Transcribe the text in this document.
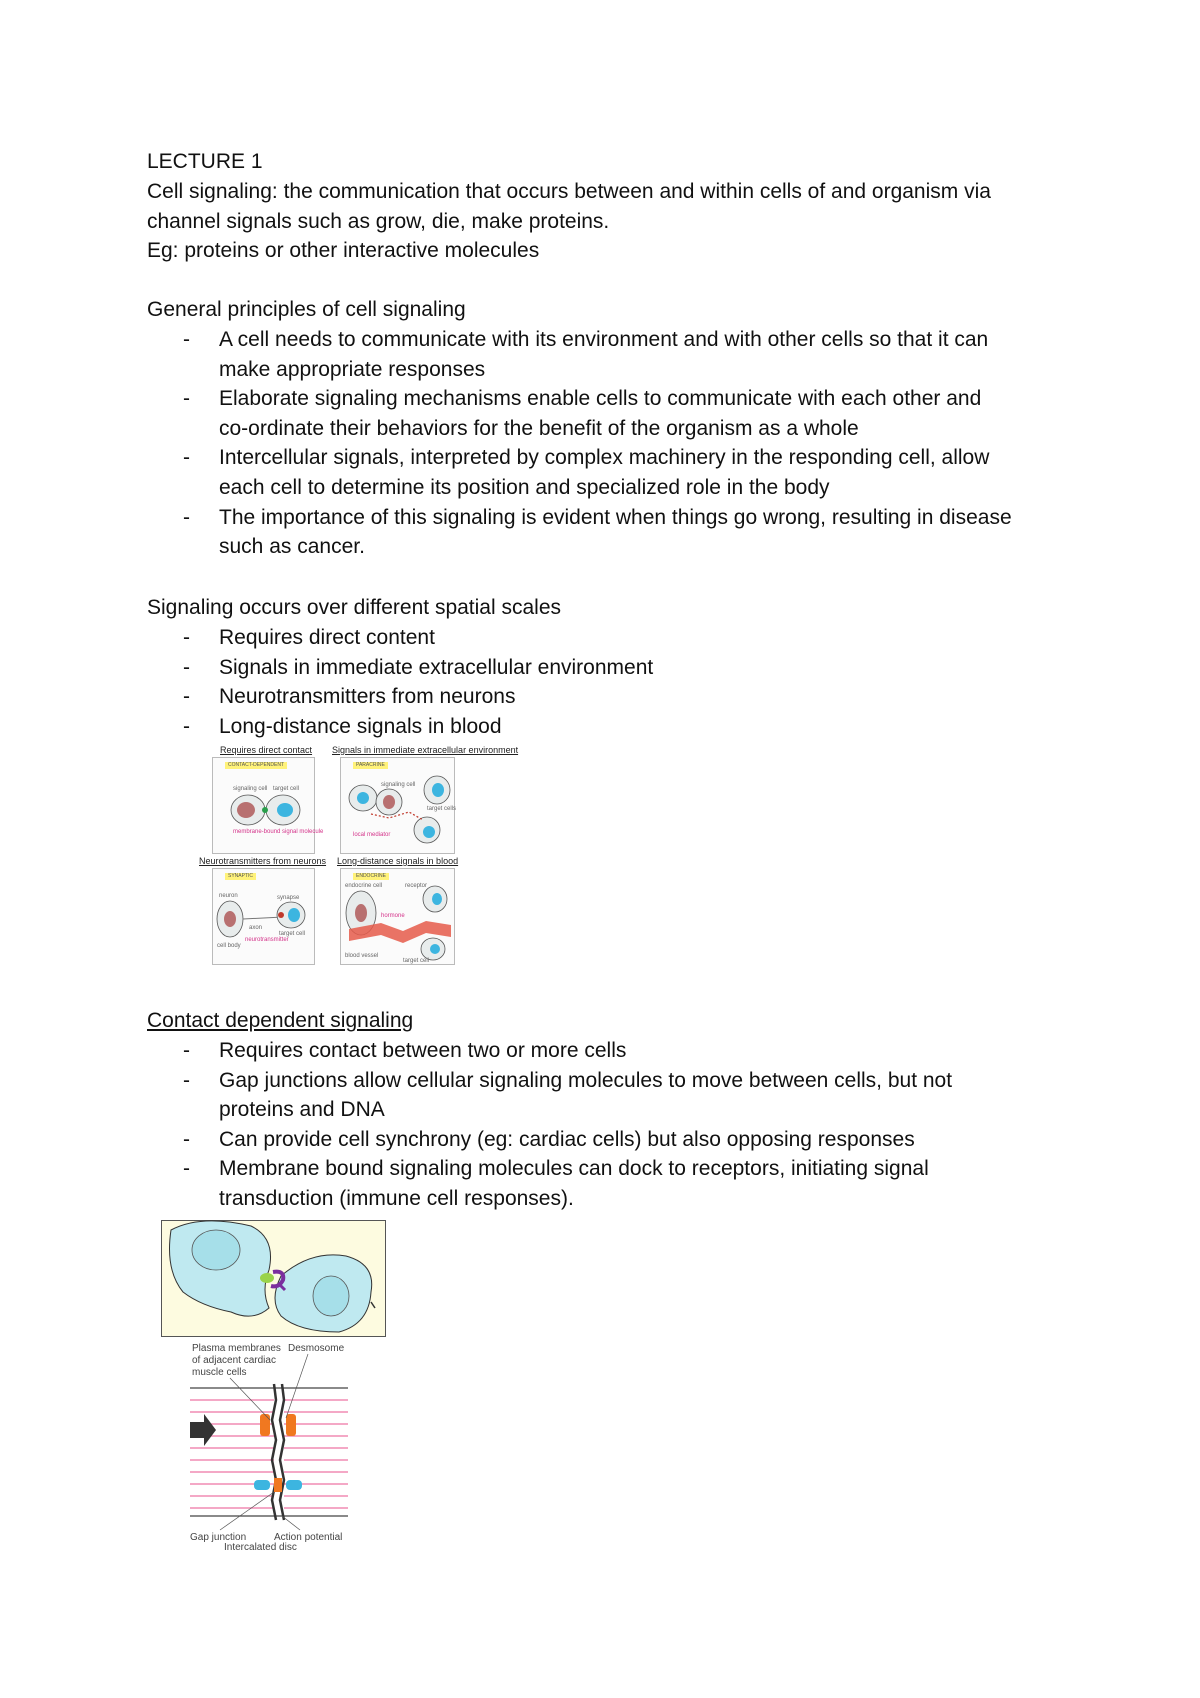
LECTURE 1
Cell signaling: the communication that occurs between and within cells of and organism via
channel signals such as grow, die, make proteins.
Eg: proteins or other interactive molecules
General principles of cell signaling
- A cell needs to communicate with its environment and with other cells so that it can
make appropriate responses
- Elaborate signaling mechanisms enable cells to communicate with each other and
co-ordinate their behaviors for the benefit of the organism as a whole
- Intercellular signals, interpreted by complex machinery in the responding cell, allow
each cell to determine its position and specialized role in the body
- The importance of this signaling is evident when things go wrong, resulting in disease
such as cancer.
Signaling occurs over different spatial scales
- Requires direct content
- Signals in immediate extracellular environment
- Neurotransmitters from neurons
- Long-distance signals in blood
Requires direct contact Signals in immediate extracellular environment
CONTACT-DEPENDENT
signaling cell target cell
membrane-bound signal molecule
PARACRINE
signaling cell
target cells
local mediator
Neurotransmitters from neurons Long-distance signals in blood
SYNAPTIC
neuron	synapse
cell body
axon
target cell
neurotransmitter
ENDOCRINE
endocrine cell	receptor
hormone
blood vessel
target cell
Contact dependent signaling
- Requires contact between two or more cells
- Gap junctions allow cellular signaling molecules to move between cells, but not
proteins and DNA
- Can provide cell synchrony (eg: cardiac cells) but also opposing responses
- Membrane bound signaling molecules can dock to receptors, initiating signal
transduction (immune cell responses).
Plasma membranes
of adjacent cardiac
muscle cells
Desmosome
Gap junction	Action potential
Intercalated disc
